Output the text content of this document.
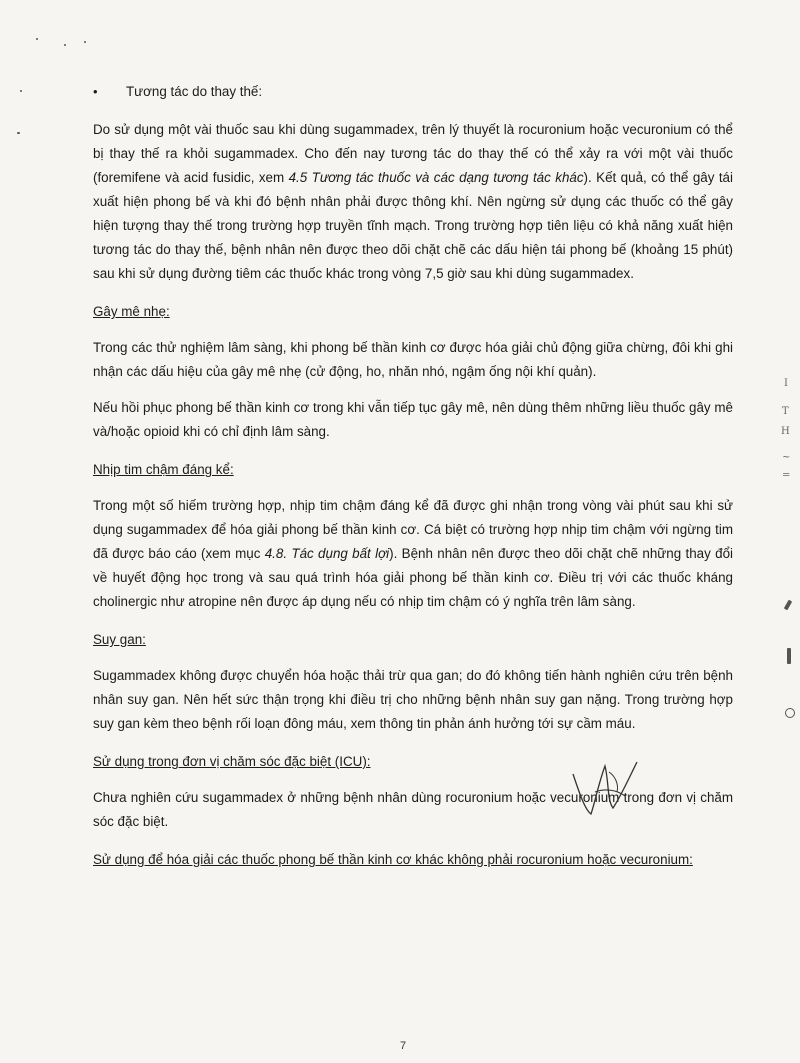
I
T
H
~
=
•	Tương tác do thay thế:

Do sử dụng một vài thuốc sau khi dùng sugammadex, trên lý thuyết là rocuronium hoặc vecuronium có thể bị thay thế ra khỏi sugammadex. Cho đến nay tương tác do thay thế có thể xảy ra với một vài thuốc (foremifene và acid fusidic, xem 4.5 Tương tác thuốc và các dạng tương tác khác). Kết quả, có thể gây tái xuất hiện phong bế và khi đó bệnh nhân phải được thông khí. Nên ngừng sử dụng các thuốc có thể gây hiện tượng thay thế trong trường hợp truyền tĩnh mạch. Trong trường hợp tiên liệu có khả năng xuất hiện tương tác do thay thế, bệnh nhân nên được theo dõi chặt chẽ các dấu hiện tái phong bế (khoảng 15 phút) sau khi sử dụng đường tiêm các thuốc khác trong vòng 7,5 giờ sau khi dùng sugammadex.

Gây mê nhẹ:

Trong các thử nghiệm lâm sàng, khi phong bế thần kinh cơ được hóa giải chủ động giữa chừng, đôi khi ghi nhận các dấu hiệu của gây mê nhẹ (cử động, ho, nhăn nhó, ngậm ống nội khí quản).

Nếu hồi phục phong bế thần kinh cơ trong khi vẫn tiếp tục gây mê, nên dùng thêm những liều thuốc gây mê và/hoặc opioid khi có chỉ định lâm sàng.

Nhịp tim chậm đáng kể:

Trong một số hiếm trường hợp, nhịp tim chậm đáng kể đã được ghi nhận trong vòng vài phút sau khi sử dụng sugammadex để hóa giải phong bế thần kinh cơ. Cá biệt có trường hợp nhịp tim chậm với ngừng tim đã được báo cáo (xem mục 4.8. Tác dụng bất lợi). Bệnh nhân nên được theo dõi chặt chẽ những thay đổi về huyết động học trong và sau quá trình hóa giải phong bế thần kinh cơ. Điều trị với các thuốc kháng cholinergic như atropine nên được áp dụng nếu có nhịp tim chậm có ý nghĩa trên lâm sàng.

Suy gan:

Sugammadex không được chuyển hóa hoặc thải trừ qua gan; do đó không tiến hành nghiên cứu trên bệnh nhân suy gan. Nên hết sức thận trọng khi điều trị cho những bệnh nhân suy gan nặng. Trong trường hợp suy gan kèm theo bệnh rối loạn đông máu, xem thông tin phản ánh hưởng tới sự cầm máu.

Sử dụng trong đơn vị chăm sóc đặc biệt (ICU):

Chưa nghiên cứu sugammadex ở những bệnh nhân dùng rocuronium hoặc vecuronium trong đơn vị chăm sóc đặc biệt.

Sử dụng để hóa giải các thuốc phong bế thần kinh cơ khác không phải rocuronium hoặc vecuronium:
7
